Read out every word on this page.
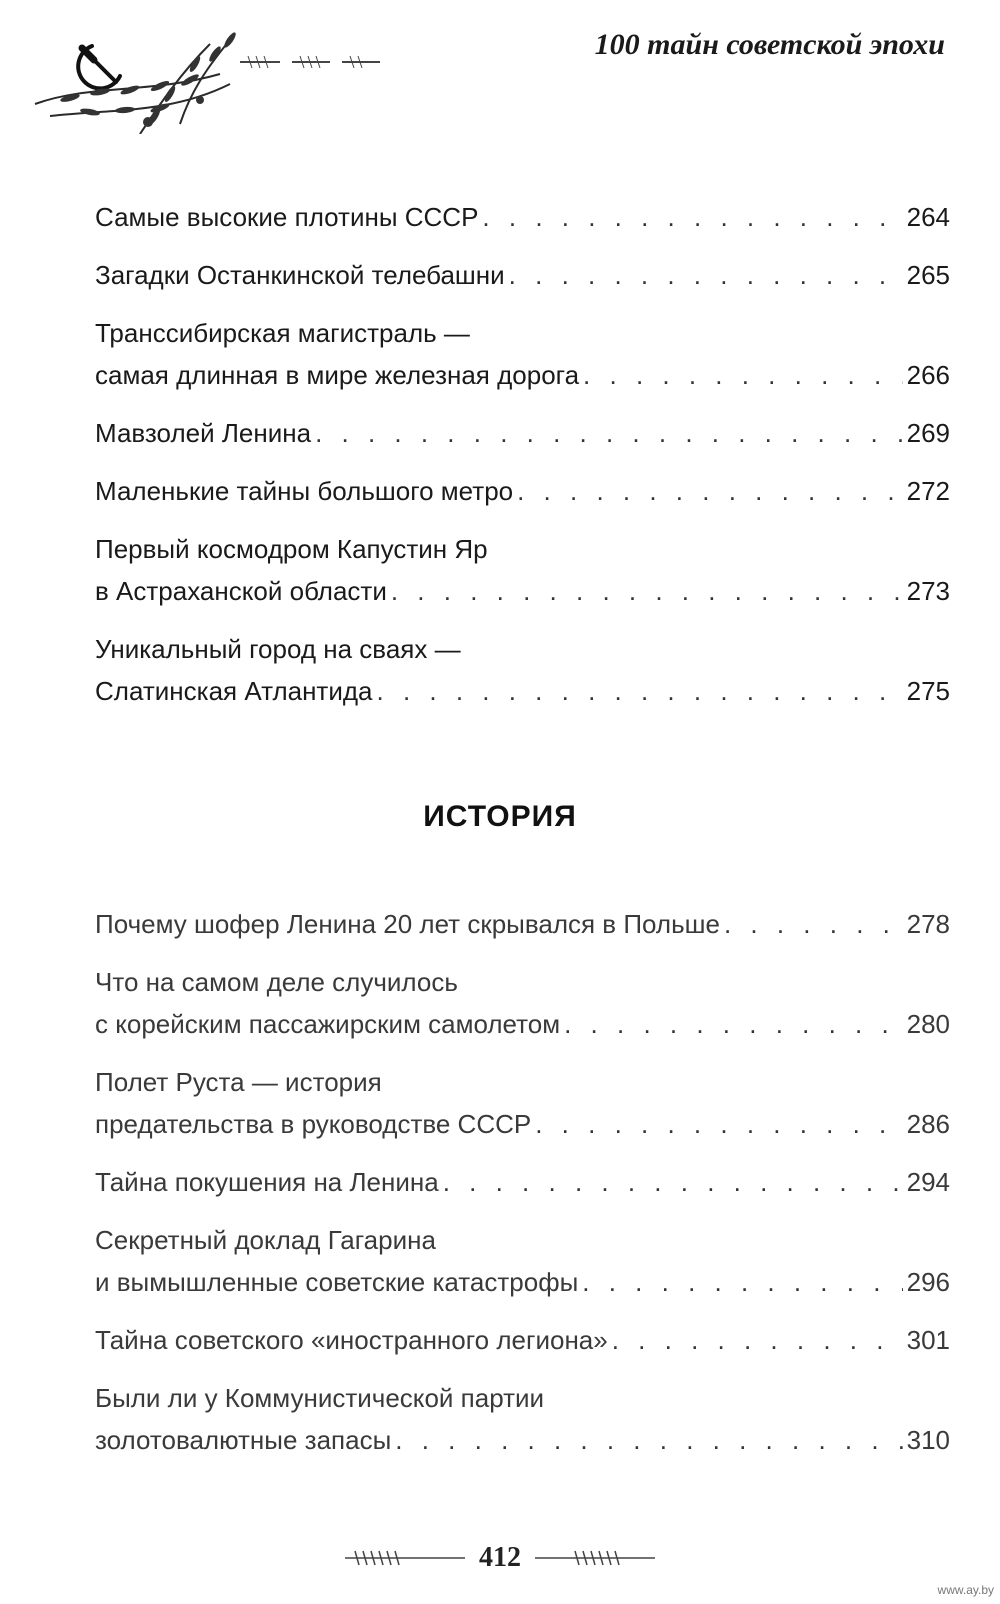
100 тайн советской эпохи
Самые высокие плотины СССР . . .	264
Загадки Останкинской телебашни . . .	265
Транссибирская магистраль —
самая длинная в мире железная дорога . . .	266
Мавзолей Ленина . . .	269
Маленькие тайны большого метро . . .	272
Первый космодром Капустин Яр
в Астраханской области . . .	273
Уникальный город на сваях —
Слатинская Атлантида . . .	275
ИСТОРИЯ
Почему шофер Ленина 20 лет скрывался в Польше . . .	278
Что на самом деле случилось
с корейским пассажирским самолетом . . .	280
Полет Руста — история
предательства в руководстве СССР . . .	286
Тайна покушения на Ленина . . .	294
Секретный доклад Гагарина
и вымышленные советские катастрофы . . .	296
Тайна советского «иностранного легиона» . . .	301
Были ли у Коммунистической партии
золотовалютные запасы . . .	310
412
www.ay.by
